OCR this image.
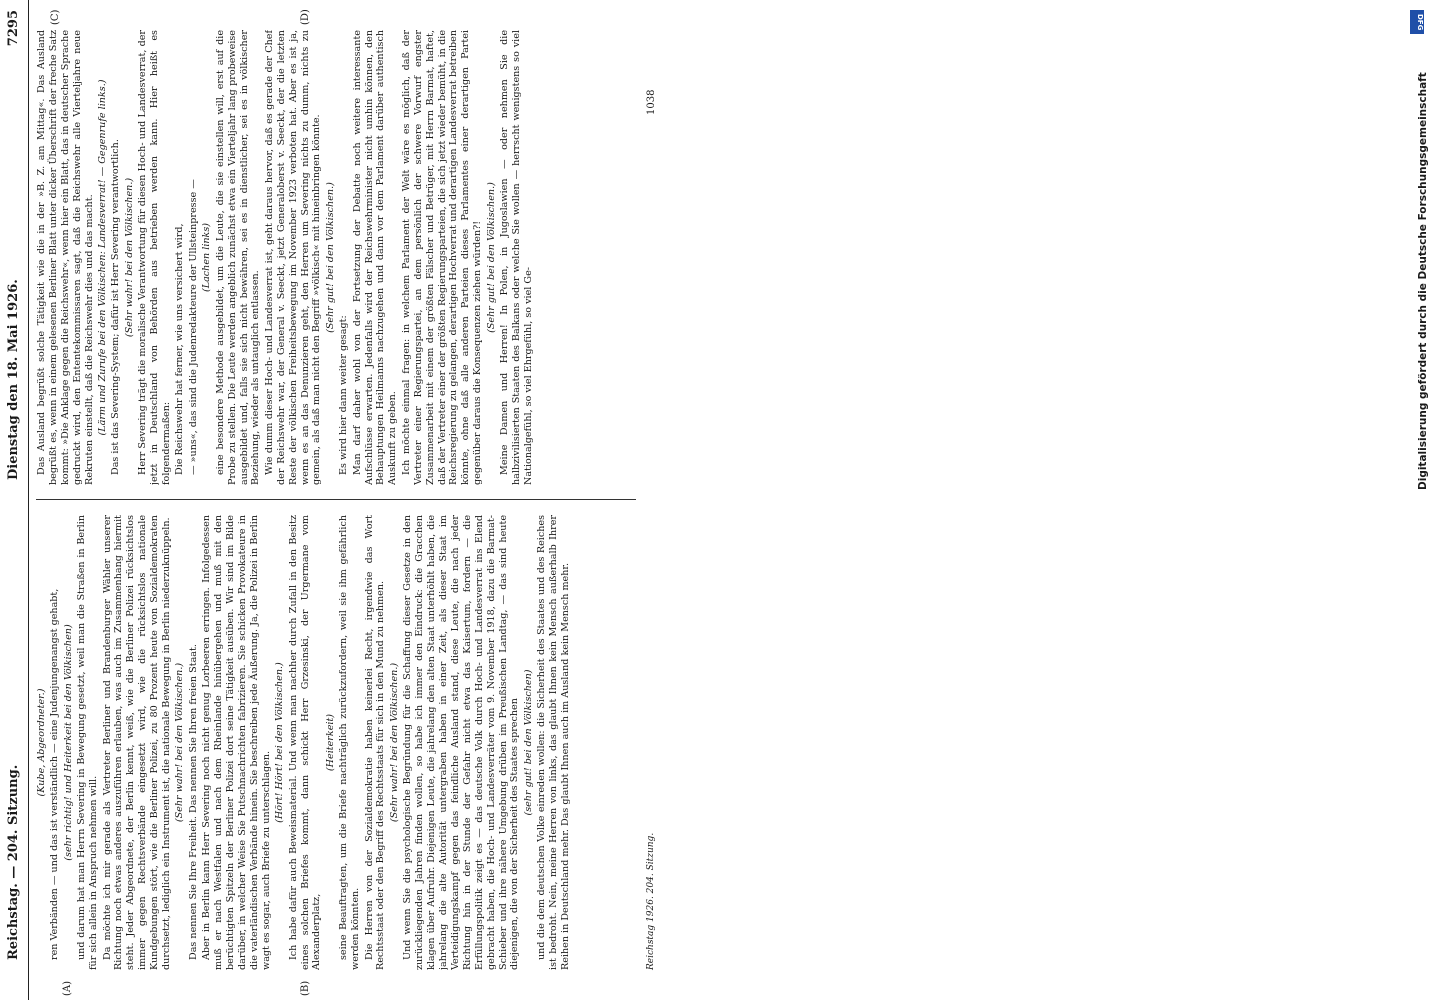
Reichstag. — 204. Sitzung.
Dienstag den 18. Mai 1926.
7295
(A)	(B)
(C)	(D)

(Kube, Abgeordneter.) ren Verbänden — und das ist verständlich — eine Judenjungenangst gehabt, (sehr richtig! und Heiterkeit bei den Völkischen) und darum hat man Herrn Severing in Bewegung gesetzt, weil man die Straßen in Berlin für sich allein in Anspruch nehmen will. Da möchte ich mir gerade als Vertreter Berliner und Brandenburger Wähler unserer Richtung noch etwas anderes auszuführen erlauben, was auch im Zusammenhang hiermit steht. Jeder Abgeordnete, der Berlin kennt, weiß, wie die Berliner Polizei rücksichtslos immer gegen Rechtsverbände eingesetzt wird, wie die rücksichtslos nationale Kundgebungen stört, wie die Berliner Polizei, zu 80 Prozent heute von Sozialdemokraten durchsetzt, lediglich ein Instrument ist, die nationale Bewegung in Berlin niederzuknüppeln. (Sehr wahr! bei den Völkischen.) Das nennen Sie Ihre Freiheit. Das nennen Sie Ihren freien Staat. Aber in Berlin kann Herr Severing noch nicht genug Lorbeeren erringen. Infolgedessen muß er nach Westfalen und nach dem Rheinlande hinübergehen und muß mit den berüchtigten Spitzeln der Berliner Polizei dort seine Tätigkeit ausüben. Wir sind im Bilde darüber, in welcher Weise Sie Putschnachrichten fabrizieren. Sie schicken Provokateure in die vaterländischen Verbände hinein. Sie beschreiben jede Äußerung. Ja, die Polizei in Berlin wagt es sogar, auch Briefe zu unterschlagen.

(Hört! Hört! bei den Völkischen.) Ich habe dafür auch Beweismaterial. Und wenn man nachher durch Zufall in den Besitz eines solchen Briefes kommt, dann schickt Herr Grzesinski, der Urgermane vom Alexanderplatz,

(Heiterkeit) seine Beauftragten, um die Briefe nachträglich zurückzufordern, weil sie ihm gefährlich werden könnten. Die Herren von der Sozialdemokratie haben keinerlei Recht, irgendwie das Wort Rechtsstaat oder den Begriff des Rechtsstaats für sich in den Mund zu nehmen. (Sehr wahr! bei den Völkischen.) Und wenn Sie die psychologische Begründung für die Schaffung dieser Gesetze in den zurückliegenden Jahren finden wollen, so habe ich immer den Eindruck: die Gracchen klagen über Aufruhr. Diejenigen Leute, die jahrelang den alten Staat unterhöhlt haben, die jahrelang die alte Autorität untergraben haben in einer Zeit, als dieser Staat im Verteidigungskampf gegen das feindliche Ausland stand, diese Leute, die nach jeder Richtung hin in der Stunde der Gefahr nicht etwa das Kaisertum, fordern — die Erfüllungspolitik zeigt es — das deutsche Volk durch Hoch- und Landesverrat ins Elend gebracht haben, die Hoch- und Landesverräter vom 9. November 1918, dazu die Barmat-Schieber und ihre nähere Umgebung drüben im Preußischen Landtag, — das sind heute diejenigen, die von der Sicherheit des Staates sprechen (sehr gut! bei den Völkischen) und die dem deutschen Volke einreden wollen: die Sicherheit des Staates und des Reiches ist bedroht. Nein, meine Herren von links, das glaubt Ihnen kein Mensch außerhalb Ihrer Reihen in Deutschland mehr. Das glaubt Ihnen auch im Ausland kein Mensch mehr.

Das Ausland begrüßt solche Tätigkeit wie die in der »B. Z. am Mittag«. Das Ausland begrüßt es, wenn in einem gelesenen Berliner Blatt unter dicker Überschrift der freche Satz kommt: »Die Anklage gegen die Reichswehr«, wenn hier ein Blatt, das in deutscher Sprache gedruckt wird, den Ententekommissaren sagt, daß die Reichswehr alle Vierteljahre neue Rekruten einstellt, daß die Reichswehr dies und das macht. (Lärm und Zurufe bei den Völkischen: Landesverrat! — Gegenrufe links.) Das ist das Severing-System; dafür ist Herr Severing verantwortlich. (Sehr wahr! bei den Völkischen.) Herr Severing trägt die moralische Verantwortung für diesen Hoch- und Landesverrat, der jetzt in Deutschland von Behörden aus betrieben werden kann. Hier heißt es folgendermaßen: Die Reichswehr hat ferner, wie uns versichert wird, — »uns«, das sind die Judenredakteure der Ullsteinpresse — (Lachen links) eine besondere Methode ausgebildet, um die Leute, die sie einstellen will, erst auf die Probe zu stellen. Die Leute werden angeblich zunächst etwa ein Vierteljahr lang probeweise ausgebildet und, falls sie sich nicht bewähren, sei es in dienstlicher, sei es in völkischer Beziehung, wieder als untauglich entlassen. Wie dumm dieser Hoch- und Landesverrat ist, geht daraus hervor, daß es gerade der Chef der Reichswehr war, der General v. Seeckt, jetzt Generaloberst v. Seeckt, der die letzten Reste der völkischen Freiheitsbewegung im November 1923 verboten hat. Aber es ist ja, wenn es an das Denunzieren geht, den Herren um Severing nichts zu dumm, nichts zu gemein, als daß man nicht den Begriff »völkisch« mit hineinbringen könnte. (Sehr gut! bei den Völkischen.)

Es wird hier dann weiter gesagt: Man darf daher wohl von der Fortsetzung der Debatte noch weitere interessante Aufschlüsse erwarten. Jedenfalls wird der Reichswehrminister nicht umhin können, den Behauptungen Heilmanns nachzugehen und dann vor dem Parlament darüber authentisch Auskunft zu geben. Ich möchte einmal fragen: in welchem Parlament der Welt wäre es möglich, daß der Vertreter einer Regierungspartei, an dem persönlich der schwere Vorwurf engster Zusammenarbeit mit einem der größten Fälscher und Betrüger, mit Herrn Barmat, haftet, daß der Vertreter einer der größten Regierungsparteien, die sich jetzt wieder bemüht, in die Reichsregierung zu gelangen, derartigen Hochverrat und derartigen Landesverrat betreiben könnte, ohne daß alle anderen Parteien dieses Parlamentes einer derartigen Partei gegenüber daraus die Konsequenzen ziehen würden?! (Sehr gut! bei den Völkischen.) Meine Damen und Herren! In Polen, in Jugoslawien — oder nehmen Sie die halbzivilisierten Staaten des Balkans oder welche Sie wollen — herrscht wenigstens so viel Nationalgefühl, so viel Ehrgefühl, so viel Ge-

Reichstag 1926. 204. Sitzung.
1038
DFG
Digitalisierung gefördert durch die Deutsche Forschungsgemeinschaft
